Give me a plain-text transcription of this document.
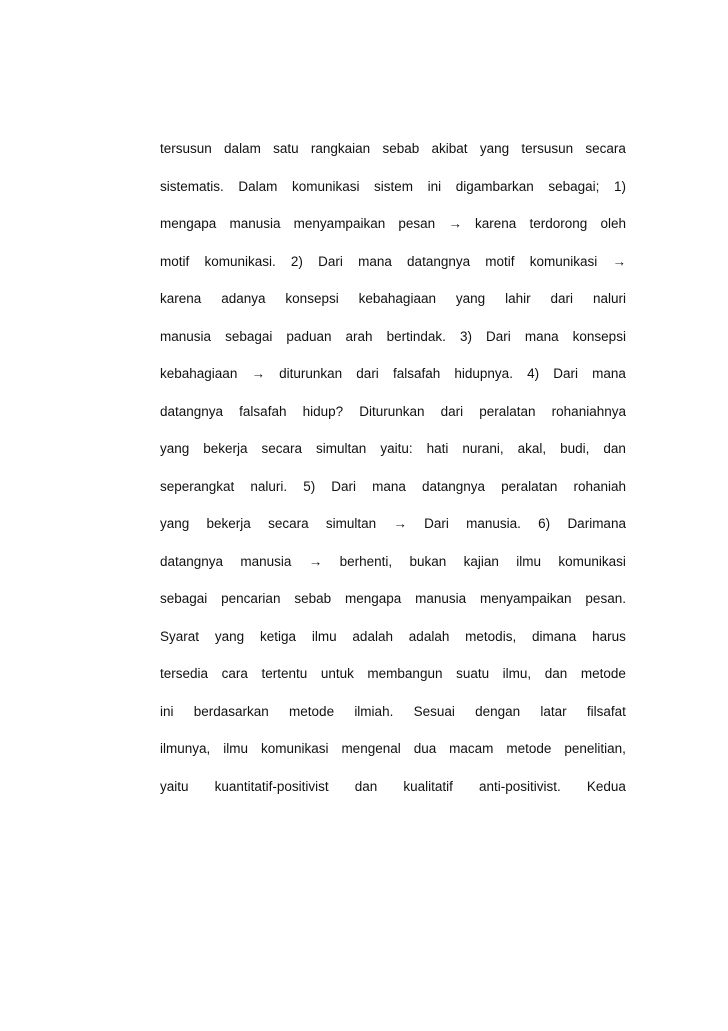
tersusun dalam satu rangkaian sebab akibat yang tersusun secara
sistematis. Dalam komunikasi sistem ini digambarkan sebagai; 1)
mengapa manusia menyampaikan pesan → karena terdorong oleh
motif komunikasi. 2) Dari mana datangnya motif komunikasi →
karena adanya konsepsi kebahagiaan yang lahir dari naluri
manusia sebagai paduan arah bertindak. 3) Dari mana konsepsi
kebahagiaan → diturunkan dari falsafah hidupnya. 4) Dari mana
datangnya falsafah hidup? Diturunkan dari peralatan rohaniahnya
yang bekerja secara simultan yaitu: hati nurani, akal, budi, dan
seperangkat naluri. 5) Dari mana datangnya peralatan rohaniah
yang bekerja secara simultan → Dari manusia. 6) Darimana
datangnya manusia → berhenti, bukan kajian ilmu komunikasi
sebagai pencarian sebab mengapa manusia menyampaikan pesan.
Syarat yang ketiga ilmu adalah adalah metodis, dimana harus
tersedia cara tertentu untuk membangun suatu ilmu, dan metode
ini berdasarkan metode ilmiah. Sesuai dengan latar filsafat
ilmunya, ilmu komunikasi mengenal dua macam metode penelitian,
yaitu kuantitatif-positivist dan kualitatif anti-positivist. Kedua
